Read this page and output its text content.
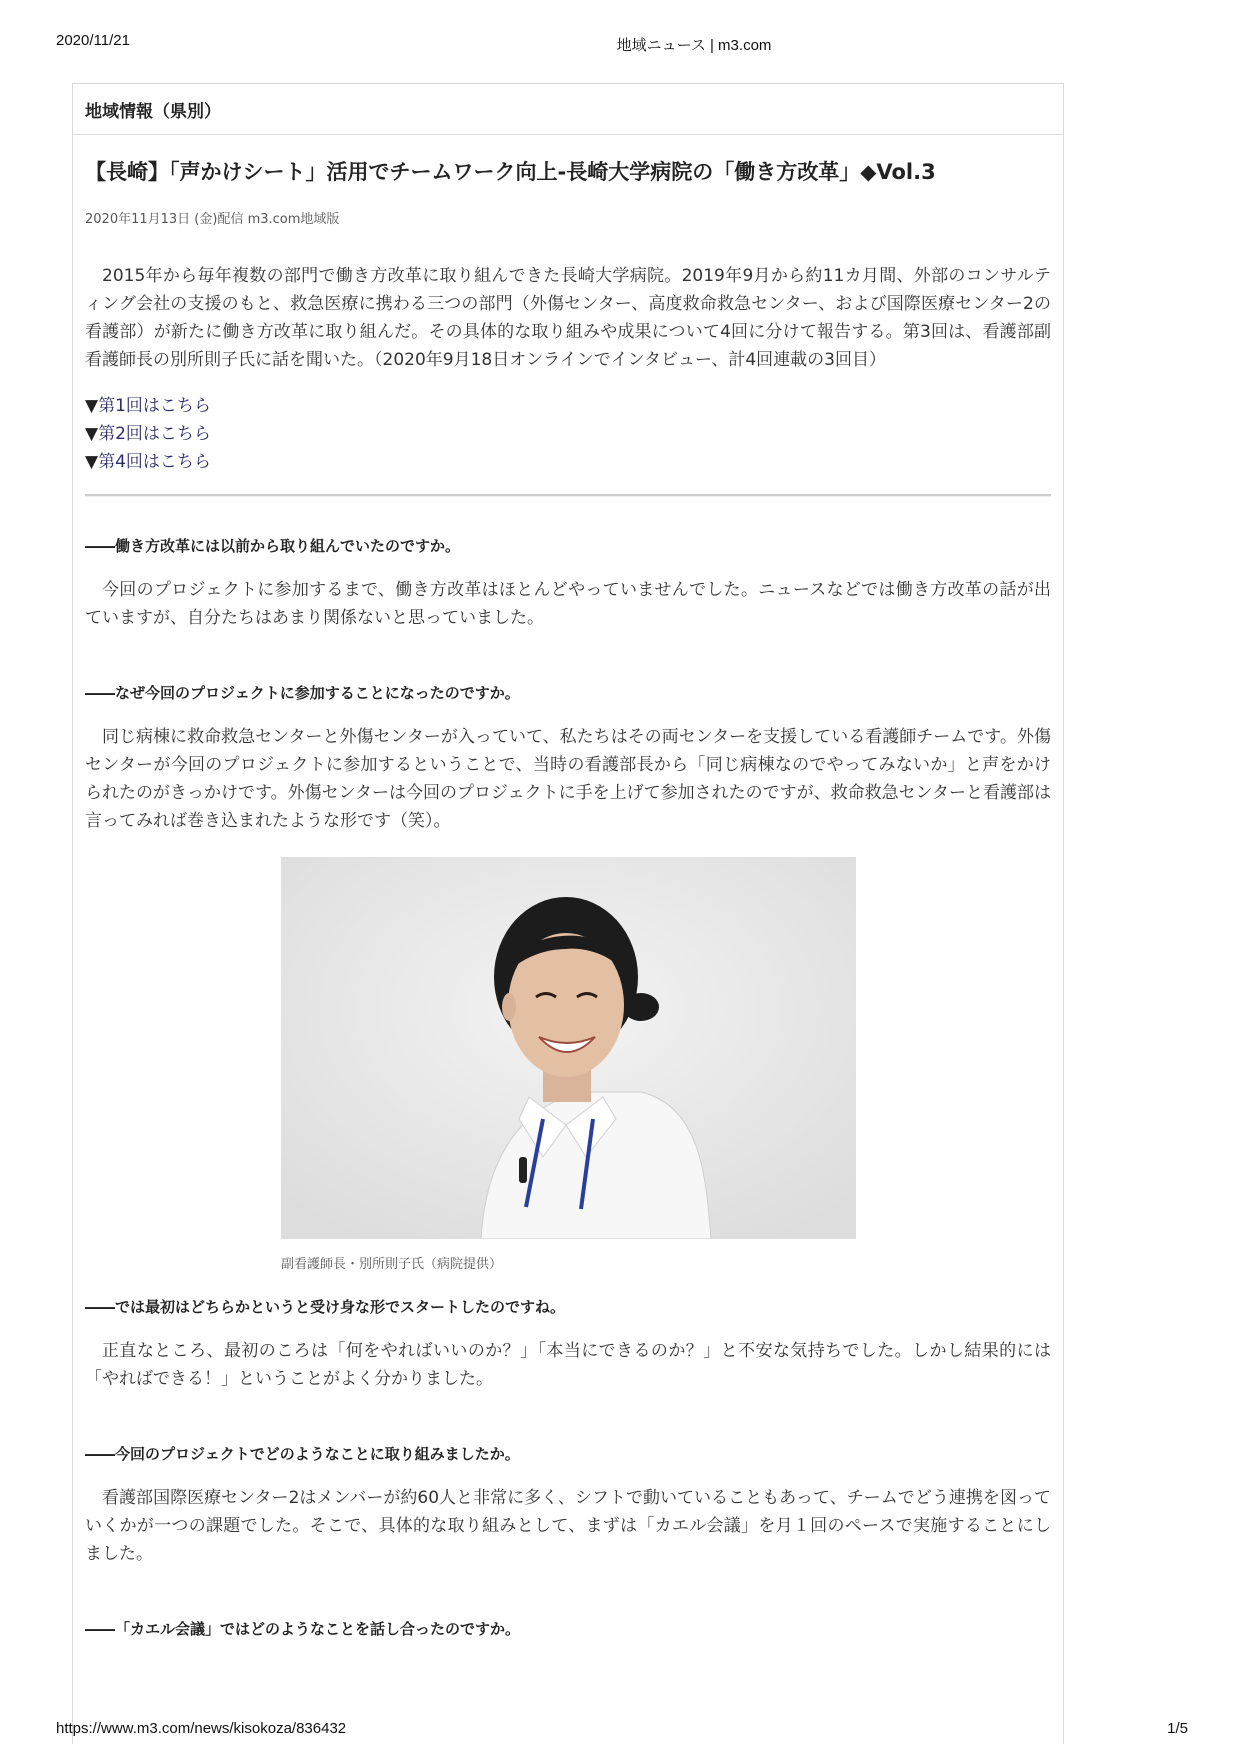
2020/11/21	地域ニュース | m3.com
地域情報（県別）
【長崎】「声かけシート」活用でチームワーク向上-長崎大学病院の「働き方改革」◆Vol.3
2020年11月13日 (金)配信 m3.com地域版

2015年から毎年複数の部門で働き方改革に取り組んできた長崎大学病院。2019年9月から約11カ月間、外部のコンサルティング会社の支援のもと、救急医療に携わる三つの部門（外傷センター、高度救命救急センター、および国際医療センター2の看護部）が新たに働き方改革に取り組んだ。その具体的な取り組みや成果について4回に分けて報告する。第3回は、看護部副看護師長の別所則子氏に話を聞いた。（2020年9月18日オンラインでインタビュー、計4回連載の3回目）

▼第1回はこちら
▼第2回はこちら
▼第4回はこちら

――働き方改革には以前から取り組んでいたのですか。

今回のプロジェクトに参加するまで、働き方改革はほとんどやっていませんでした。ニュースなどでは働き方改革の話が出ていますが、自分たちはあまり関係ないと思っていました。

――なぜ今回のプロジェクトに参加することになったのですか。

同じ病棟に救命救急センターと外傷センターが入っていて、私たちはその両センターを支援している看護師チームです。外傷センターが今回のプロジェクトに参加するということで、当時の看護部長から「同じ病棟なのでやってみないか」と声をかけられたのがきっかけです。外傷センターは今回のプロジェクトに手を上げて参加されたのですが、救命救急センターと看護部は言ってみれば巻き込まれたような形です（笑）。

副看護師長・別所則子氏（病院提供）

――では最初はどちらかというと受け身な形でスタートしたのですね。

正直なところ、最初のころは「何をやればいいのか？」「本当にできるのか？」と不安な気持ちでした。しかし結果的には「やればできる！」ということがよく分かりました。

――今回のプロジェクトでどのようなことに取り組みましたか。

看護部国際医療センター2はメンバーが約60人と非常に多く、シフトで動いていることもあって、チームでどう連携を図っていくかが一つの課題でした。そこで、具体的な取り組みとして、まずは「カエル会議」を月１回のペースで実施することにしました。

――「カエル会議」ではどのようなことを話し合ったのですか。

https://www.m3.com/news/kisokoza/836432	1/5
